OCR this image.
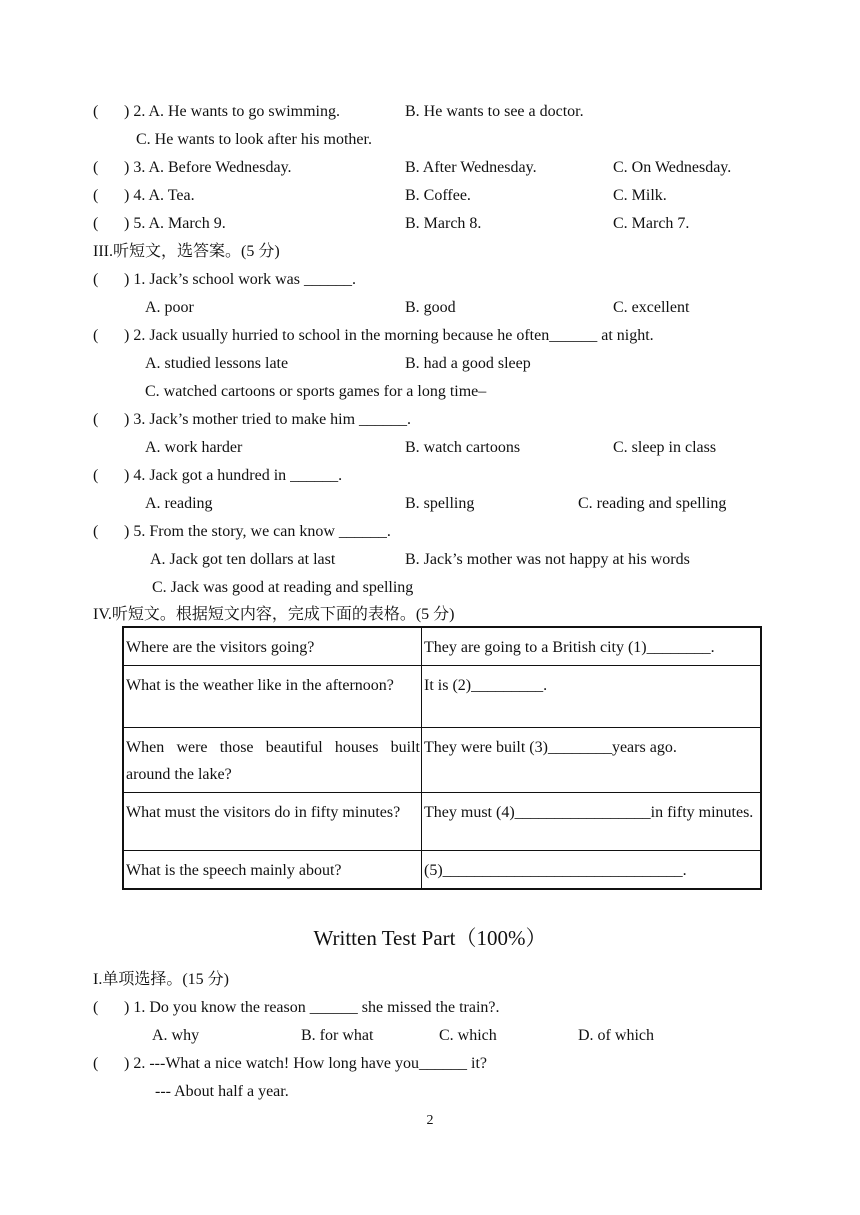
( ) 2. A. He wants to go swimming.	B. He wants to see a doctor.
C. He wants to look after his mother.
( ) 3. A. Before Wednesday.	B. After Wednesday.	C. On Wednesday.
( ) 4. A. Tea.	B. Coffee.	C. Milk.
( ) 5. A. March 9.	B. March 8.	C. March 7.
III.听短文，选答案。(5 分)
( ) 1. Jack’s school work was ______.
A. poor	B. good	C. excellent
( ) 2. Jack usually hurried to school in the morning because he often______ at night.
A. studied lessons late	B. had a good sleep
C. watched cartoons or sports games for a long time–
( ) 3. Jack’s mother tried to make him ______.
A. work harder	B. watch cartoons	C. sleep in class
( ) 4. Jack got a hundred in ______.
A. reading	B. spelling	C. reading and spelling
( ) 5. From the story, we can know ______.
A. Jack got ten dollars at last	B. Jack’s mother was not happy at his words
C. Jack was good at reading and spelling
IV.听短文。根据短文内容，完成下面的表格。(5 分)
Where are the visitors going?	They are going to a British city (1)________.
What is the weather like in the afternoon?	It is (2)_________.
When were those beautiful houses built around the lake?	They were built (3)________years ago.
What must the visitors do in fifty minutes?	They must (4)_________________in fifty minutes.
What is the speech mainly about?	(5)______________________________.
Written Test Part（100%）
I.单项选择。(15 分)
( ) 1. Do you know the reason ______ she missed the train?.
A. why	B. for what	C. which	D. of which
( ) 2. ---What a nice watch! How long have you______ it?
--- About half a year.
2
